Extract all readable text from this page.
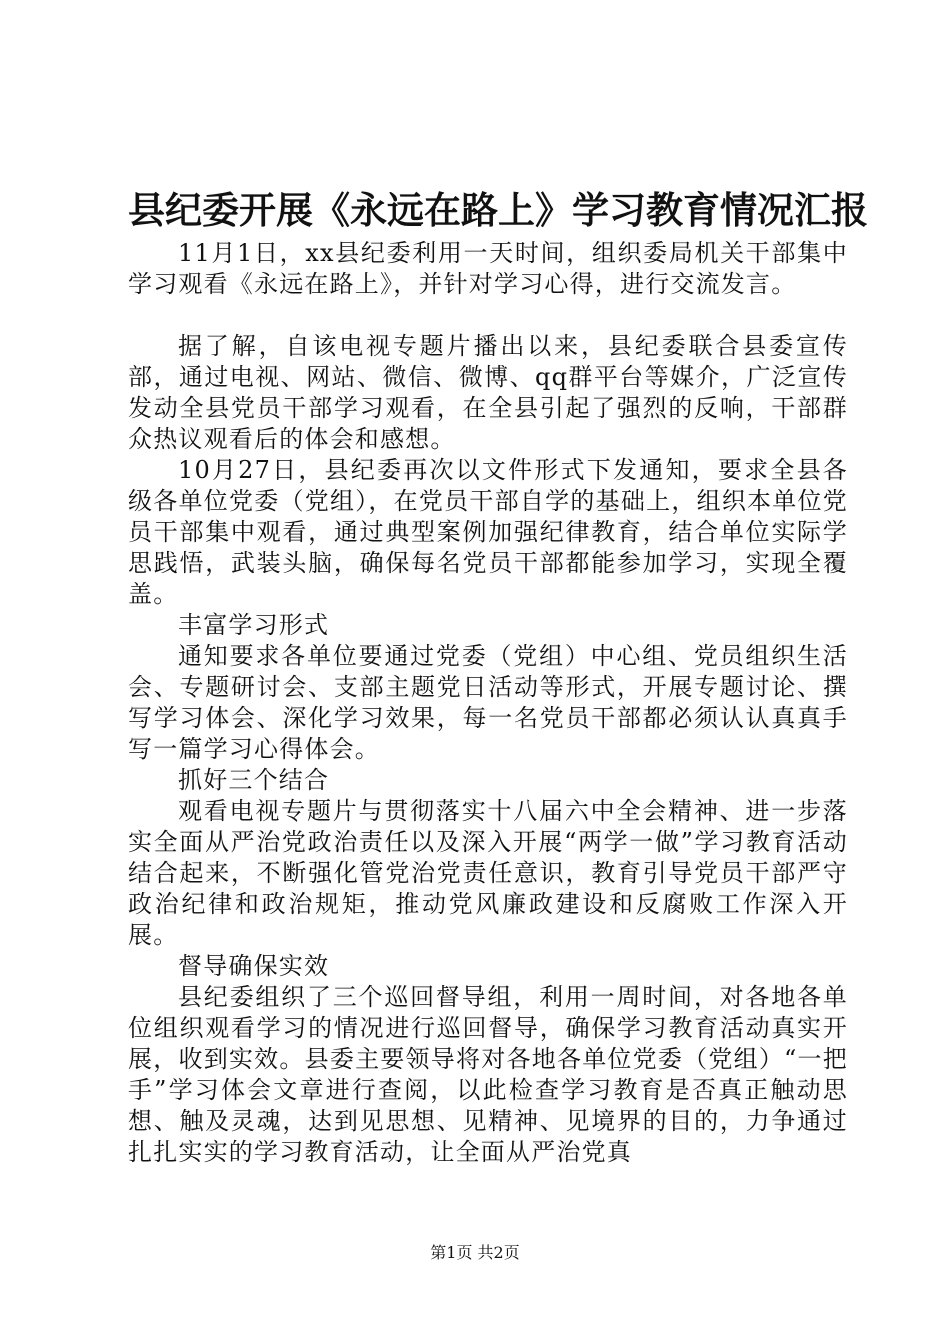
县纪委开展《永远在路上》学习教育情况汇报

11月1日，xx县纪委利用一天时间，组织委局机关干部集中学习观看《永远在路上》，并针对学习心得，进行交流发言。

据了解，自该电视专题片播出以来，县纪委联合县委宣传部，通过电视、网站、微信、微博、qq群平台等媒介，广泛宣传发动全县党员干部学习观看，在全县引起了强烈的反响，干部群众热议观看后的体会和感想。

10月27日，县纪委再次以文件形式下发通知，要求全县各级各单位党委（党组），在党员干部自学的基础上，组织本单位党员干部集中观看，通过典型案例加强纪律教育，结合单位实际学思践悟，武装头脑，确保每名党员干部都能参加学习，实现全覆盖。

丰富学习形式

通知要求各单位要通过党委（党组）中心组、党员组织生活会、专题研讨会、支部主题党日活动等形式，开展专题讨论、撰写学习体会、深化学习效果，每一名党员干部都必须认认真真手写一篇学习心得体会。

抓好三个结合

观看电视专题片与贯彻落实十八届六中全会精神、进一步落实全面从严治党政治责任以及深入开展“两学一做”学习教育活动结合起来，不断强化管党治党责任意识，教育引导党员干部严守政治纪律和政治规矩，推动党风廉政建设和反腐败工作深入开展。

督导确保实效

县纪委组织了三个巡回督导组，利用一周时间，对各地各单位组织观看学习的情况进行巡回督导，确保学习教育活动真实开展，收到实效。县委主要领导将对各地各单位党委（党组）“一把手”学习体会文章进行查阅，以此检查学习教育是否真正触动思想、触及灵魂，达到见思想、见精神、见境界的目的，力争通过扎扎实实的学习教育活动，让全面从严治党真

第1页 共2页
